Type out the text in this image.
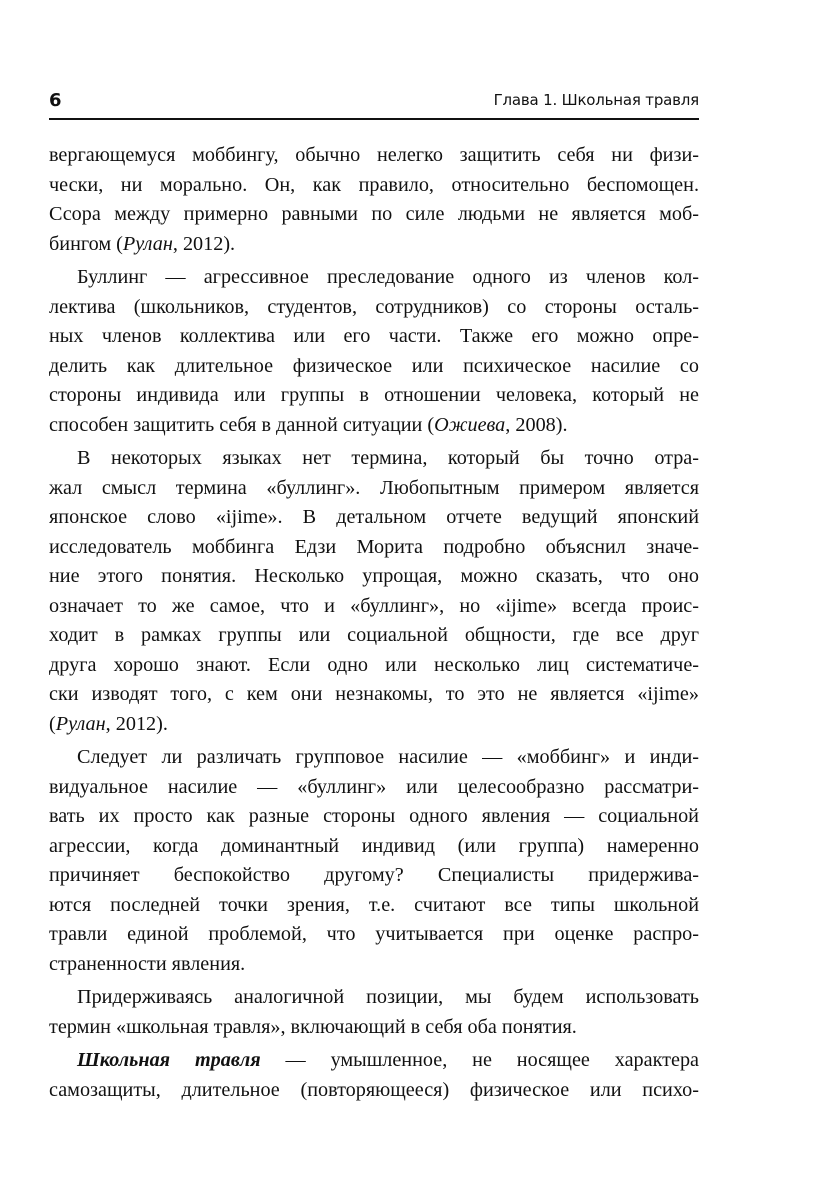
6	Глава 1. Школьная травля
вергающемуся моббингу, обычно нелегко защитить себя ни физи-
чески, ни морально. Он, как правило, относительно беспомощен.
Ссора между примерно равными по силе людьми не является моб-
бингом (Рулан, 2012).
Буллинг — агрессивное преследование одного из членов кол-
лектива (школьников, студентов, сотрудников) со стороны осталь-
ных членов коллектива или его части. Также его можно опре-
делить как длительное физическое или психическое насилие со
стороны индивида или группы в отношении человека, который не
способен защитить себя в данной ситуации (Ожиева, 2008).
В некоторых языках нет термина, который бы точно отра-
жал смысл термина «буллинг». Любопытным примером является
японское слово «ijime». В детальном отчете ведущий японский
исследователь моббинга Едзи Морита подробно объяснил значе-
ние этого понятия. Несколько упрощая, можно сказать, что оно
означает то же самое, что и «буллинг», но «ijime» всегда проис-
ходит в рамках группы или социальной общности, где все друг
друга хорошо знают. Если одно или несколько лиц систематиче-
ски изводят того, с кем они незнакомы, то это не является «ijime»
(Рулан, 2012).
Следует ли различать групповое насилие — «моббинг» и инди-
видуальное насилие — «буллинг» или целесообразно рассматри-
вать их просто как разные стороны одного явления — социальной
агрессии, когда доминантный индивид (или группа) намеренно
причиняет беспокойство другому? Специалисты придержива-
ются последней точки зрения, т.е. считают все типы школьной
травли единой проблемой, что учитывается при оценке распро-
страненности явления.
Придерживаясь аналогичной позиции, мы будем использовать
термин «школьная травля», включающий в себя оба понятия.
Школьная травля — умышленное, не носящее характера
самозащиты, длительное (повторяющееся) физическое или психо-
